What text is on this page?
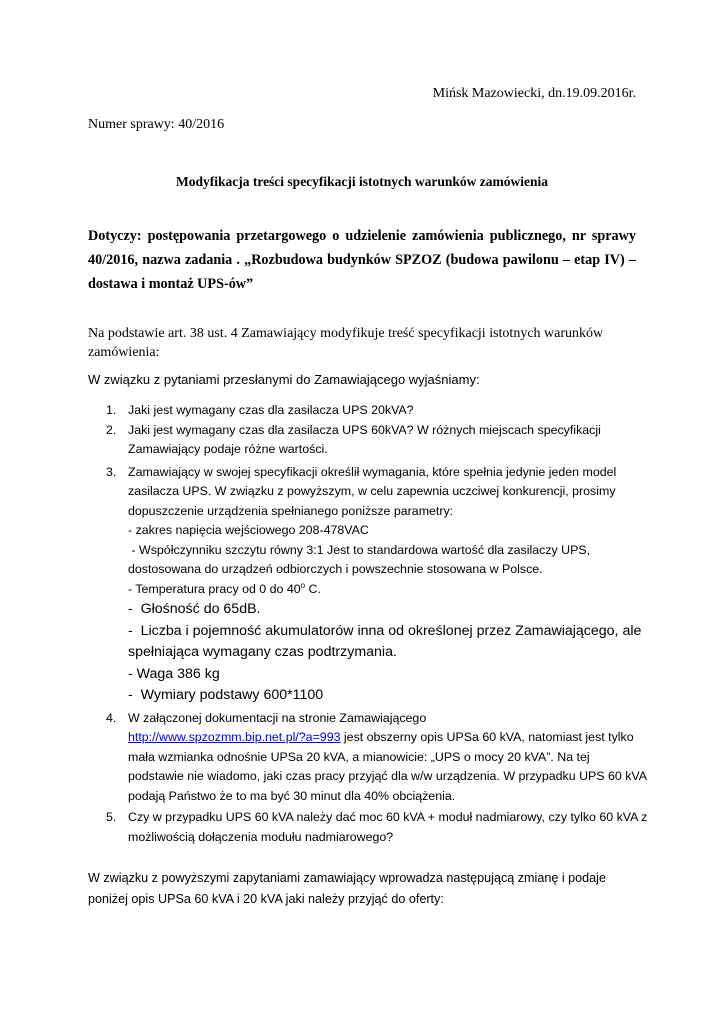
Mińsk Mazowiecki, dn.19.09.2016r.
Numer sprawy: 40/2016
Modyfikacja treści specyfikacji istotnych warunków zamówienia
Dotyczy: postępowania przetargowego o udzielenie zamówienia publicznego, nr sprawy 40/2016, nazwa zadania . „Rozbudowa budynków SPZOZ (budowa pawilonu – etap IV) – dostawa i montaż UPS-ów”
Na podstawie art. 38 ust. 4 Zamawiający modyfikuje treść specyfikacji istotnych warunków zamówienia:
W związku z pytaniami przesłanymi do Zamawiającego wyjaśniamy:
1. Jaki jest wymagany czas dla zasilacza UPS 20kVA?
2. Jaki jest wymagany czas dla zasilacza UPS 60kVA? W różnych miejscach specyfikacji Zamawiający podaje różne wartości.
3. Zamawiający w swojej specyfikacji określił wymagania, które spełnia jedynie jeden model zasilacza UPS. W związku z powyższym, w celu zapewnia uczciwej konkurencji, prosimy dopuszczenie urządzenia spełnianego poniższe parametry:
- zakres napięcia wejściowego 208-478VAC
- Współczynniku szczytu równy 3:1 Jest to standardowa wartość dla zasilaczy UPS, dostosowana do urządzeń odbiorczych i powszechnie stosowana w Polsce.
- Temperatura pracy od 0 do 40$^o$ C.
-  Głośność do 65dB.
-  Liczba i pojemność akumulatorów inna od określonej przez Zamawiającego, ale spełniająca wymagany czas podtrzymania.
- Waga 386 kg
-  Wymiary podstawy 600*1100
4. W załączonej dokumentacji na stronie Zamawiającego
http://www.spzozmm.bip.net.pl/?a=993 jest obszerny opis UPSa 60 kVA, natomiast jest tylko mała wzmianka odnośnie UPSa 20 kVA, a mianowicie: „UPS o mocy 20 kVA”. Na tej podstawie nie wiadomo, jaki czas pracy przyjąć dla w/w urządzenia. W przypadku UPS 60 kVA podają Państwo że to ma być 30 minut dla 40% obciążenia.
5. Czy w przypadku UPS 60 kVA należy dać moc 60 kVA + moduł nadmiarowy, czy tylko 60 kVA z możliwością dołączenia modułu nadmiarowego?
W związku z powyższymi zapytaniami zamawiający wprowadza następującą zmianę i podaje poniżej opis UPSa 60 kVA i 20 kVA jaki należy przyjąć do oferty:
